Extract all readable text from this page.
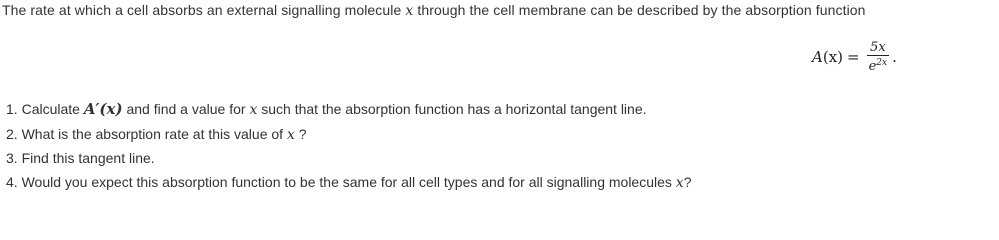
The rate at which a cell absorbs an external signalling molecule x through the cell membrane can be described by the absorption function
A $(x) = \frac{5x}{e^{2x}}$ .
1. Calculate A′(x) and find a value for x such that the absorption function has a horizontal tangent line.
2. What is the absorption rate at this value of x ?
3. Find this tangent line.
4. Would you expect this absorption function to be the same for all cell types and for all signalling molecules x?
